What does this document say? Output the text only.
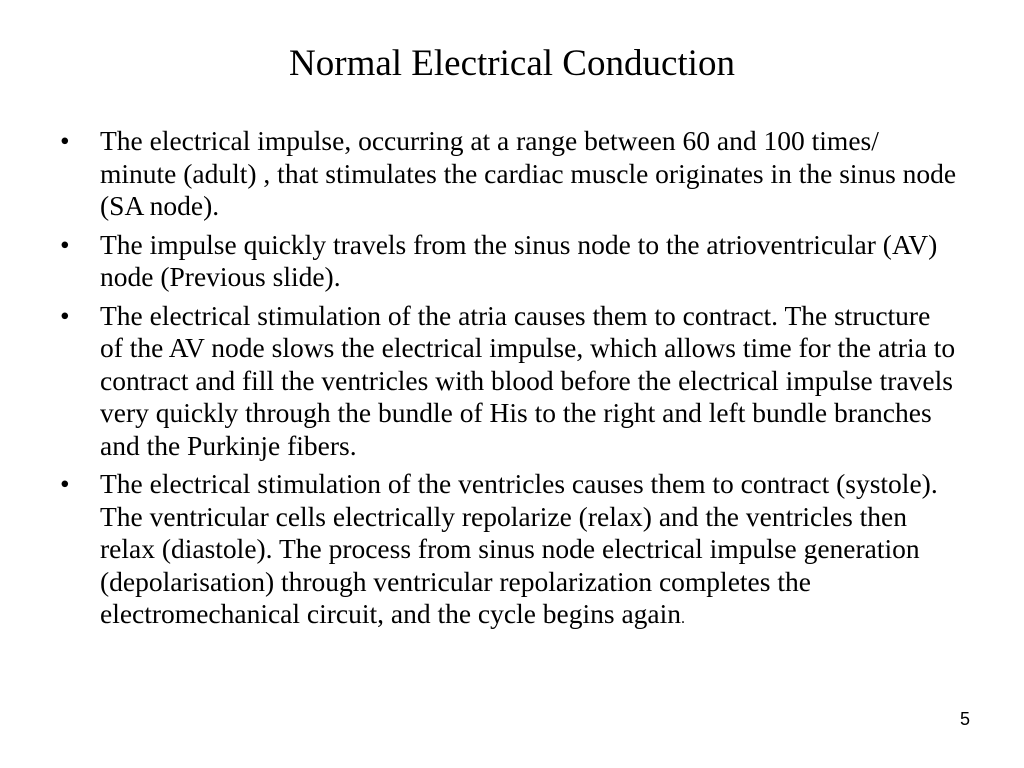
Normal Electrical Conduction
• The electrical impulse, occurring at a range between 60 and 100 times/ minute (adult) , that stimulates the cardiac muscle originates in the sinus node (SA node).
• The impulse quickly travels from the sinus node to the atrioventricular (AV) node (Previous slide).
• The electrical stimulation of the atria causes them to contract. The structure of the AV node slows the electrical impulse, which allows time for the atria to contract and fill the ventricles with blood before the electrical impulse travels very quickly through the bundle of His to the right and left bundle branches and the Purkinje fibers.
• The electrical stimulation of the ventricles causes them to contract (systole). The ventricular cells electrically repolarize (relax) and the ventricles then relax (diastole). The process from sinus node electrical impulse generation (depolarisation) through ventricular repolarization completes the electromechanical circuit, and the cycle begins again.
5
